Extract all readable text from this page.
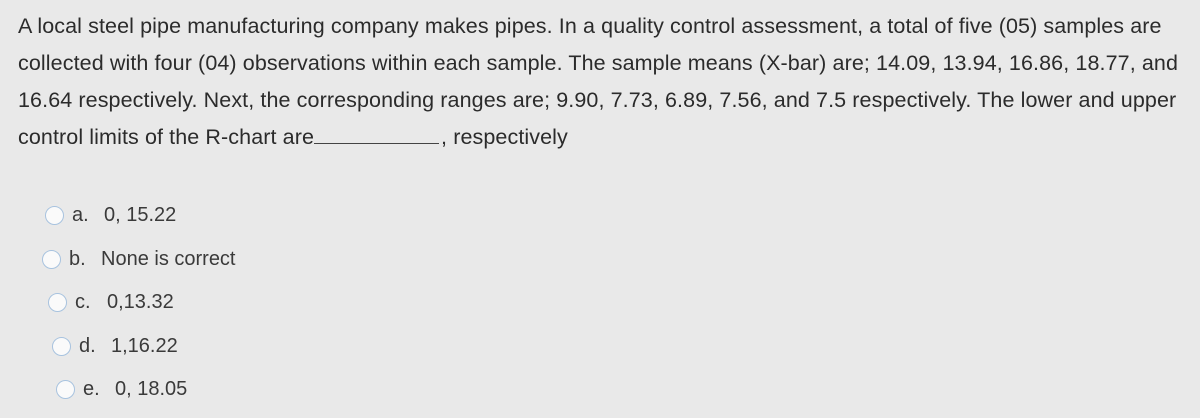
A local steel pipe manufacturing company makes pipes. In a quality control assessment, a total of five (05) samples are collected with four (04) observations within each sample. The sample means (X-bar) are; 14.09, 13.94, 16.86, 18.77, and 16.64 respectively. Next, the corresponding ranges are; 9.90, 7.73, 6.89, 7.56, and 7.5 respectively. The lower and upper control limits of the R-chart are	, respectively
a. 0, 15.22
b. None is correct
c. 0,13.32
d. 1,16.22
e. 0, 18.05
